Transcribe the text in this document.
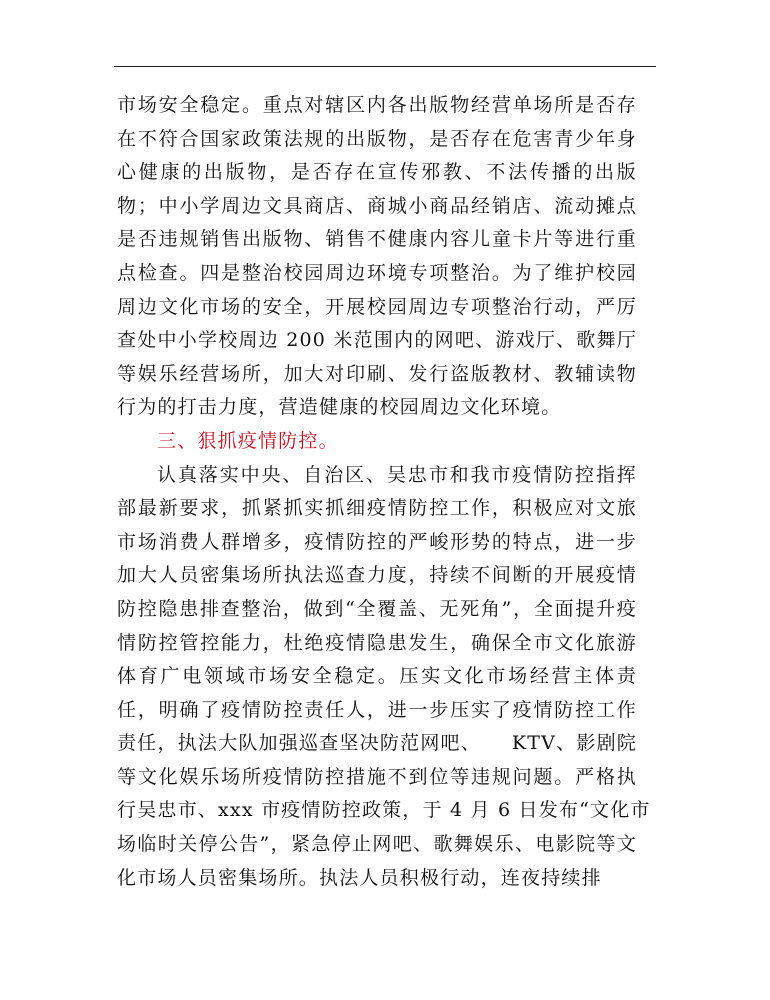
市场安全稳定。重点对辖区内各出版物经营单场所是否存
在不符合国家政策法规的出版物，是否存在危害青少年身
心健康的出版物，是否存在宣传邪教、不法传播的出版
物；中小学周边文具商店、商城小商品经销店、流动摊点
是否违规销售出版物、销售不健康内容儿童卡片等进行重
点检查。四是整治校园周边环境专项整治。为了维护校园
周边文化市场的安全，开展校园周边专项整治行动，严厉
查处中小学校周边 200 米范围内的网吧、游戏厅、歌舞厅
等娱乐经营场所，加大对印刷、发行盗版教材、教辅读物
行为的打击力度，营造健康的校园周边文化环境。
三、狠抓疫情防控。
认真落实中央、自治区、吴忠市和我市疫情防控指挥
部最新要求，抓紧抓实抓细疫情防控工作，积极应对文旅
市场消费人群增多，疫情防控的严峻形势的特点，进一步
加大人员密集场所执法巡查力度，持续不间断的开展疫情
防控隐患排查整治，做到“全覆盖、无死角”，全面提升疫
情防控管控能力，杜绝疫情隐患发生，确保全市文化旅游
体育广电领域市场安全稳定。压实文化市场经营主体责
任，明确了疫情防控责任人，进一步压实了疫情防控工作
责任，执法大队加强巡查坚决防范网吧、　　KTV、影剧院
等文化娱乐场所疫情防控措施不到位等违规问题。严格执
行吴忠市、xxx 市疫情防控政策，于 4 月 6 日发布“文化市
场临时关停公告”，紧急停止网吧、歌舞娱乐、电影院等文
化市场人员密集场所。执法人员积极行动，连夜持续排
